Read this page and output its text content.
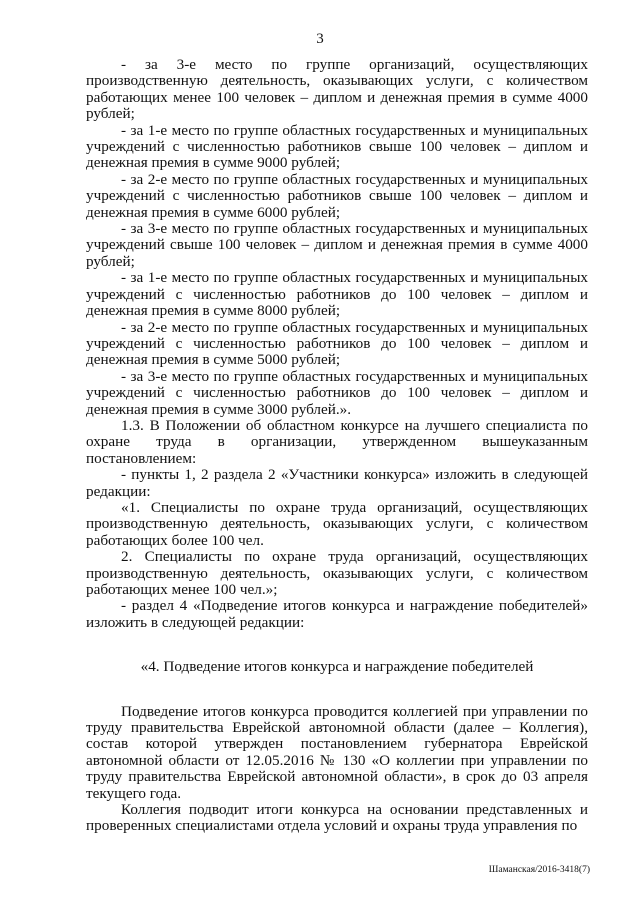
3

- за 3-е место по группе организаций, осуществляющих производственную деятельность, оказывающих услуги, с количеством работающих менее 100 человек – диплом и денежная премия в сумме 4000 рублей;

- за 1-е место по группе областных государственных и муниципальных учреждений с численностью работников свыше 100 человек – диплом и денежная премия в сумме 9000 рублей;

- за 2-е место по группе областных государственных и муниципальных учреждений с численностью работников свыше 100 человек – диплом и денежная премия в сумме 6000 рублей;

- за 3-е место по группе областных государственных и муниципальных учреждений свыше 100 человек – диплом и денежная премия в сумме 4000 рублей;

- за 1-е место по группе областных государственных и муниципальных учреждений с численностью работников до 100 человек – диплом и денежная премия в сумме 8000 рублей;

- за 2-е место по группе областных государственных и муниципальных учреждений с численностью работников до 100 человек – диплом и денежная премия в сумме 5000 рублей;

- за 3-е место по группе областных государственных и муниципальных учреждений с численностью работников до 100 человек – диплом и денежная премия в сумме 3000 рублей.».

1.3. В Положении об областном конкурсе на лучшего специалиста по охране труда в организации, утвержденном вышеуказанным постановлением:

- пункты 1, 2 раздела 2 «Участники конкурса» изложить в следующей редакции:

«1. Специалисты по охране труда организаций, осуществляющих производственную деятельность, оказывающих услуги, с количеством работающих более 100 чел.

2. Специалисты по охране труда организаций, осуществляющих производственную деятельность, оказывающих услуги, с количеством работающих менее 100 чел.»;

- раздел 4 «Подведение итогов конкурса и награждение победителей» изложить в следующей редакции:

«4. Подведение итогов конкурса и награждение победителей

Подведение итогов конкурса проводится коллегией при управлении по труду правительства Еврейской автономной области (далее – Коллегия), состав которой утвержден постановлением губернатора Еврейской автономной области от 12.05.2016 № 130 «О коллегии при управлении по труду правительства Еврейской автономной области», в срок до 03 апреля текущего года.

Коллегия подводит итоги конкурса на основании представленных и проверенных специалистами отдела условий и охраны труда управления по

Шаманская/2016-3418(7)
